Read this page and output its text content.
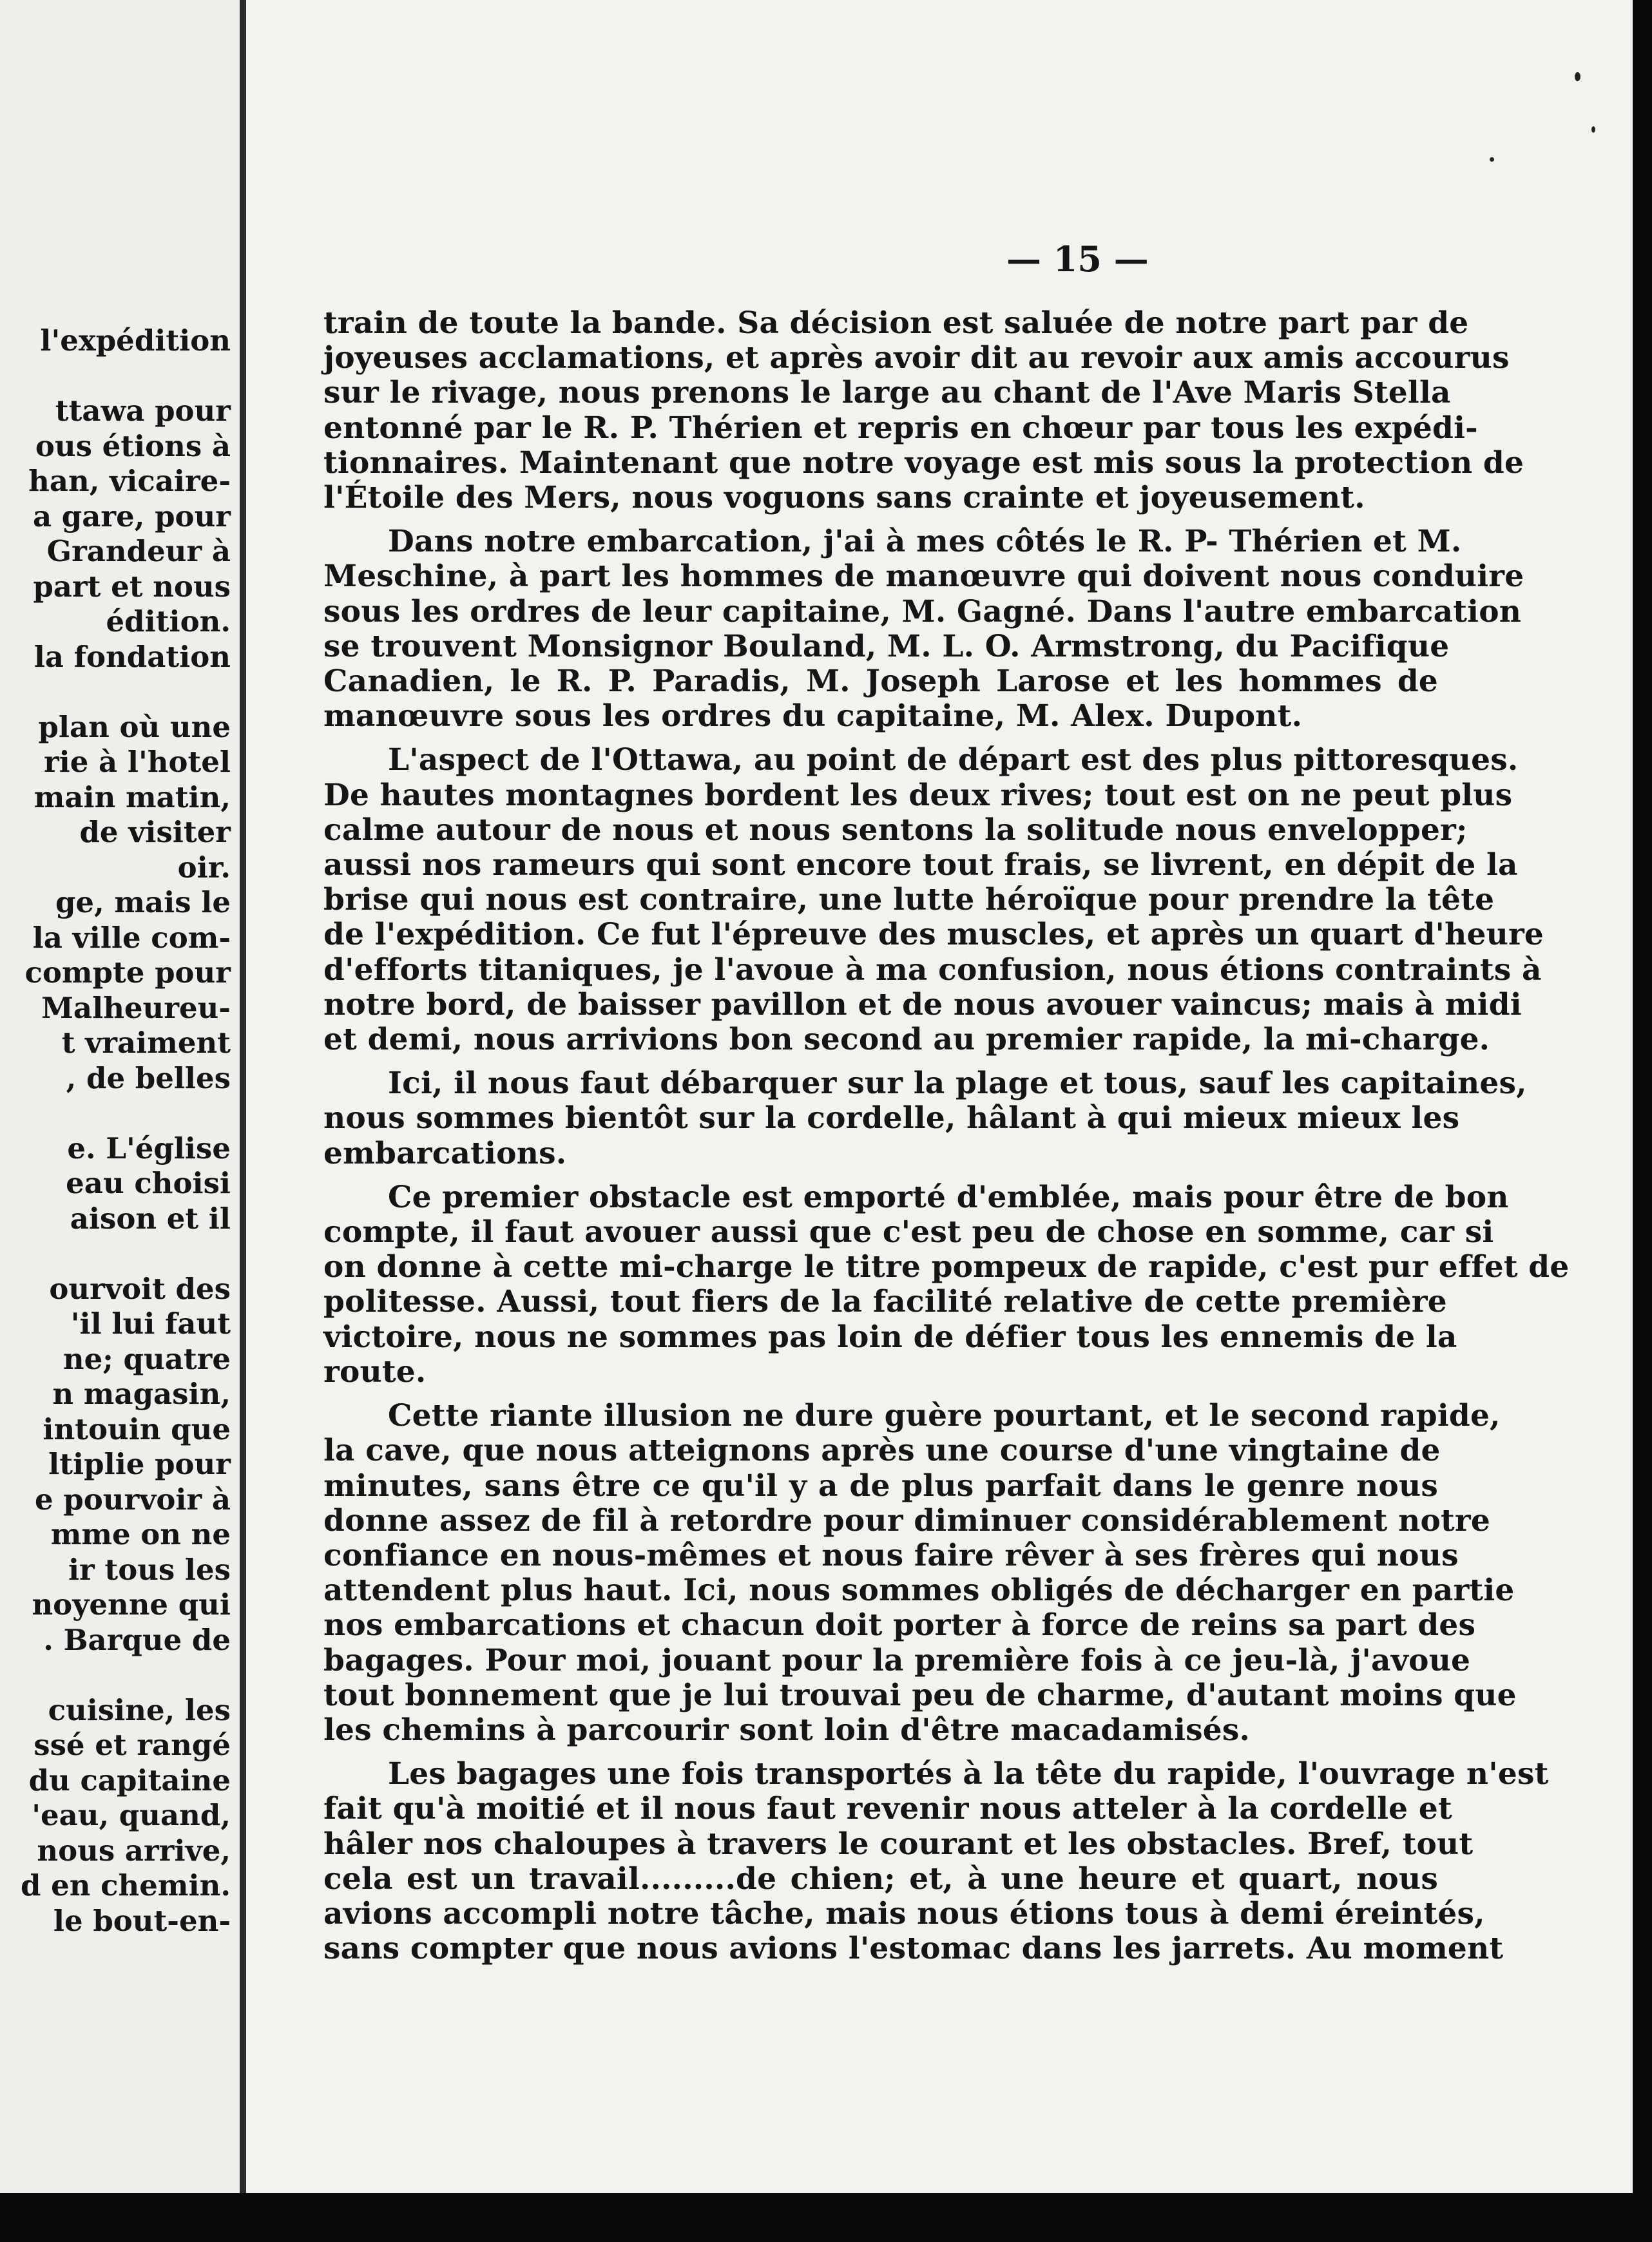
l'expédition
ttawa pour
ous étions à
han, vicaire-
a gare, pour
Grandeur à
part et nous
édition.
la fondation
plan où une
rie à l'hotel
main matin,
de visiter
oir.
ge, mais le
la ville com-
compte pour
Malheureu-
t vraiment
, de belles
e. L'église
eau choisi
aison et il
ourvoit des
'il lui faut
ne; quatre
n magasin,
intouin que
ltiplie pour
e pourvoir à
mme on ne
ir tous les
noyenne qui
. Barque de
cuisine, les
ssé et rangé
du capitaine
'eau, quand,
nous arrive,
d en chemin.
le bout-en-
— 15 —
train de toute la bande. Sa décision est saluée de notre part par de
joyeuses acclamations, et après avoir dit au revoir aux amis accourus
sur le rivage, nous prenons le large au chant de l'Ave Maris Stella
entonné par le R. P. Thérien et repris en chœur par tous les expédi-
tionnaires. Maintenant que notre voyage est mis sous la protection de
l'Étoile des Mers, nous voguons sans crainte et joyeusement.
Dans notre embarcation, j'ai à mes côtés le R. P- Thérien et M.
Meschine, à part les hommes de manœuvre qui doivent nous conduire
sous les ordres de leur capitaine, M. Gagné. Dans l'autre embarcation
se trouvent Monsignor Bouland, M. L. O. Armstrong, du Pacifique
Canadien, le R. P. Paradis, M. Joseph Larose et les hommes de
manœuvre sous les ordres du capitaine, M. Alex. Dupont.
L'aspect de l'Ottawa, au point de départ est des plus pittoresques.
De hautes montagnes bordent les deux rives; tout est on ne peut plus
calme autour de nous et nous sentons la solitude nous envelopper;
aussi nos rameurs qui sont encore tout frais, se livrent, en dépit de la
brise qui nous est contraire, une lutte héroïque pour prendre la tête
de l'expédition. Ce fut l'épreuve des muscles, et après un quart d'heure
d'efforts titaniques, je l'avoue à ma confusion, nous étions contraints à
notre bord, de baisser pavillon et de nous avouer vaincus; mais à midi
et demi, nous arrivions bon second au premier rapide, la mi-charge.
Ici, il nous faut débarquer sur la plage et tous, sauf les capitaines,
nous sommes bientôt sur la cordelle, hâlant à qui mieux mieux les
embarcations.
Ce premier obstacle est emporté d'emblée, mais pour être de bon
compte, il faut avouer aussi que c'est peu de chose en somme, car si
on donne à cette mi-charge le titre pompeux de rapide, c'est pur effet de
politesse. Aussi, tout fiers de la facilité relative de cette première
victoire, nous ne sommes pas loin de défier tous les ennemis de la
route.
Cette riante illusion ne dure guère pourtant, et le second rapide,
la cave, que nous atteignons après une course d'une vingtaine de
minutes, sans être ce qu'il y a de plus parfait dans le genre nous
donne assez de fil à retordre pour diminuer considérablement notre
confiance en nous-mêmes et nous faire rêver à ses frères qui nous
attendent plus haut. Ici, nous sommes obligés de décharger en partie
nos embarcations et chacun doit porter à force de reins sa part des
bagages. Pour moi, jouant pour la première fois à ce jeu-là, j'avoue
tout bonnement que je lui trouvai peu de charme, d'autant moins que
les chemins à parcourir sont loin d'être macadamisés.
Les bagages une fois transportés à la tête du rapide, l'ouvrage n'est
fait qu'à moitié et il nous faut revenir nous atteler à la cordelle et
hâler nos chaloupes à travers le courant et les obstacles. Bref, tout
cela est un travail.........de chien; et, à une heure et quart, nous
avions accompli notre tâche, mais nous étions tous à demi éreintés,
sans compter que nous avions l'estomac dans les jarrets. Au moment
